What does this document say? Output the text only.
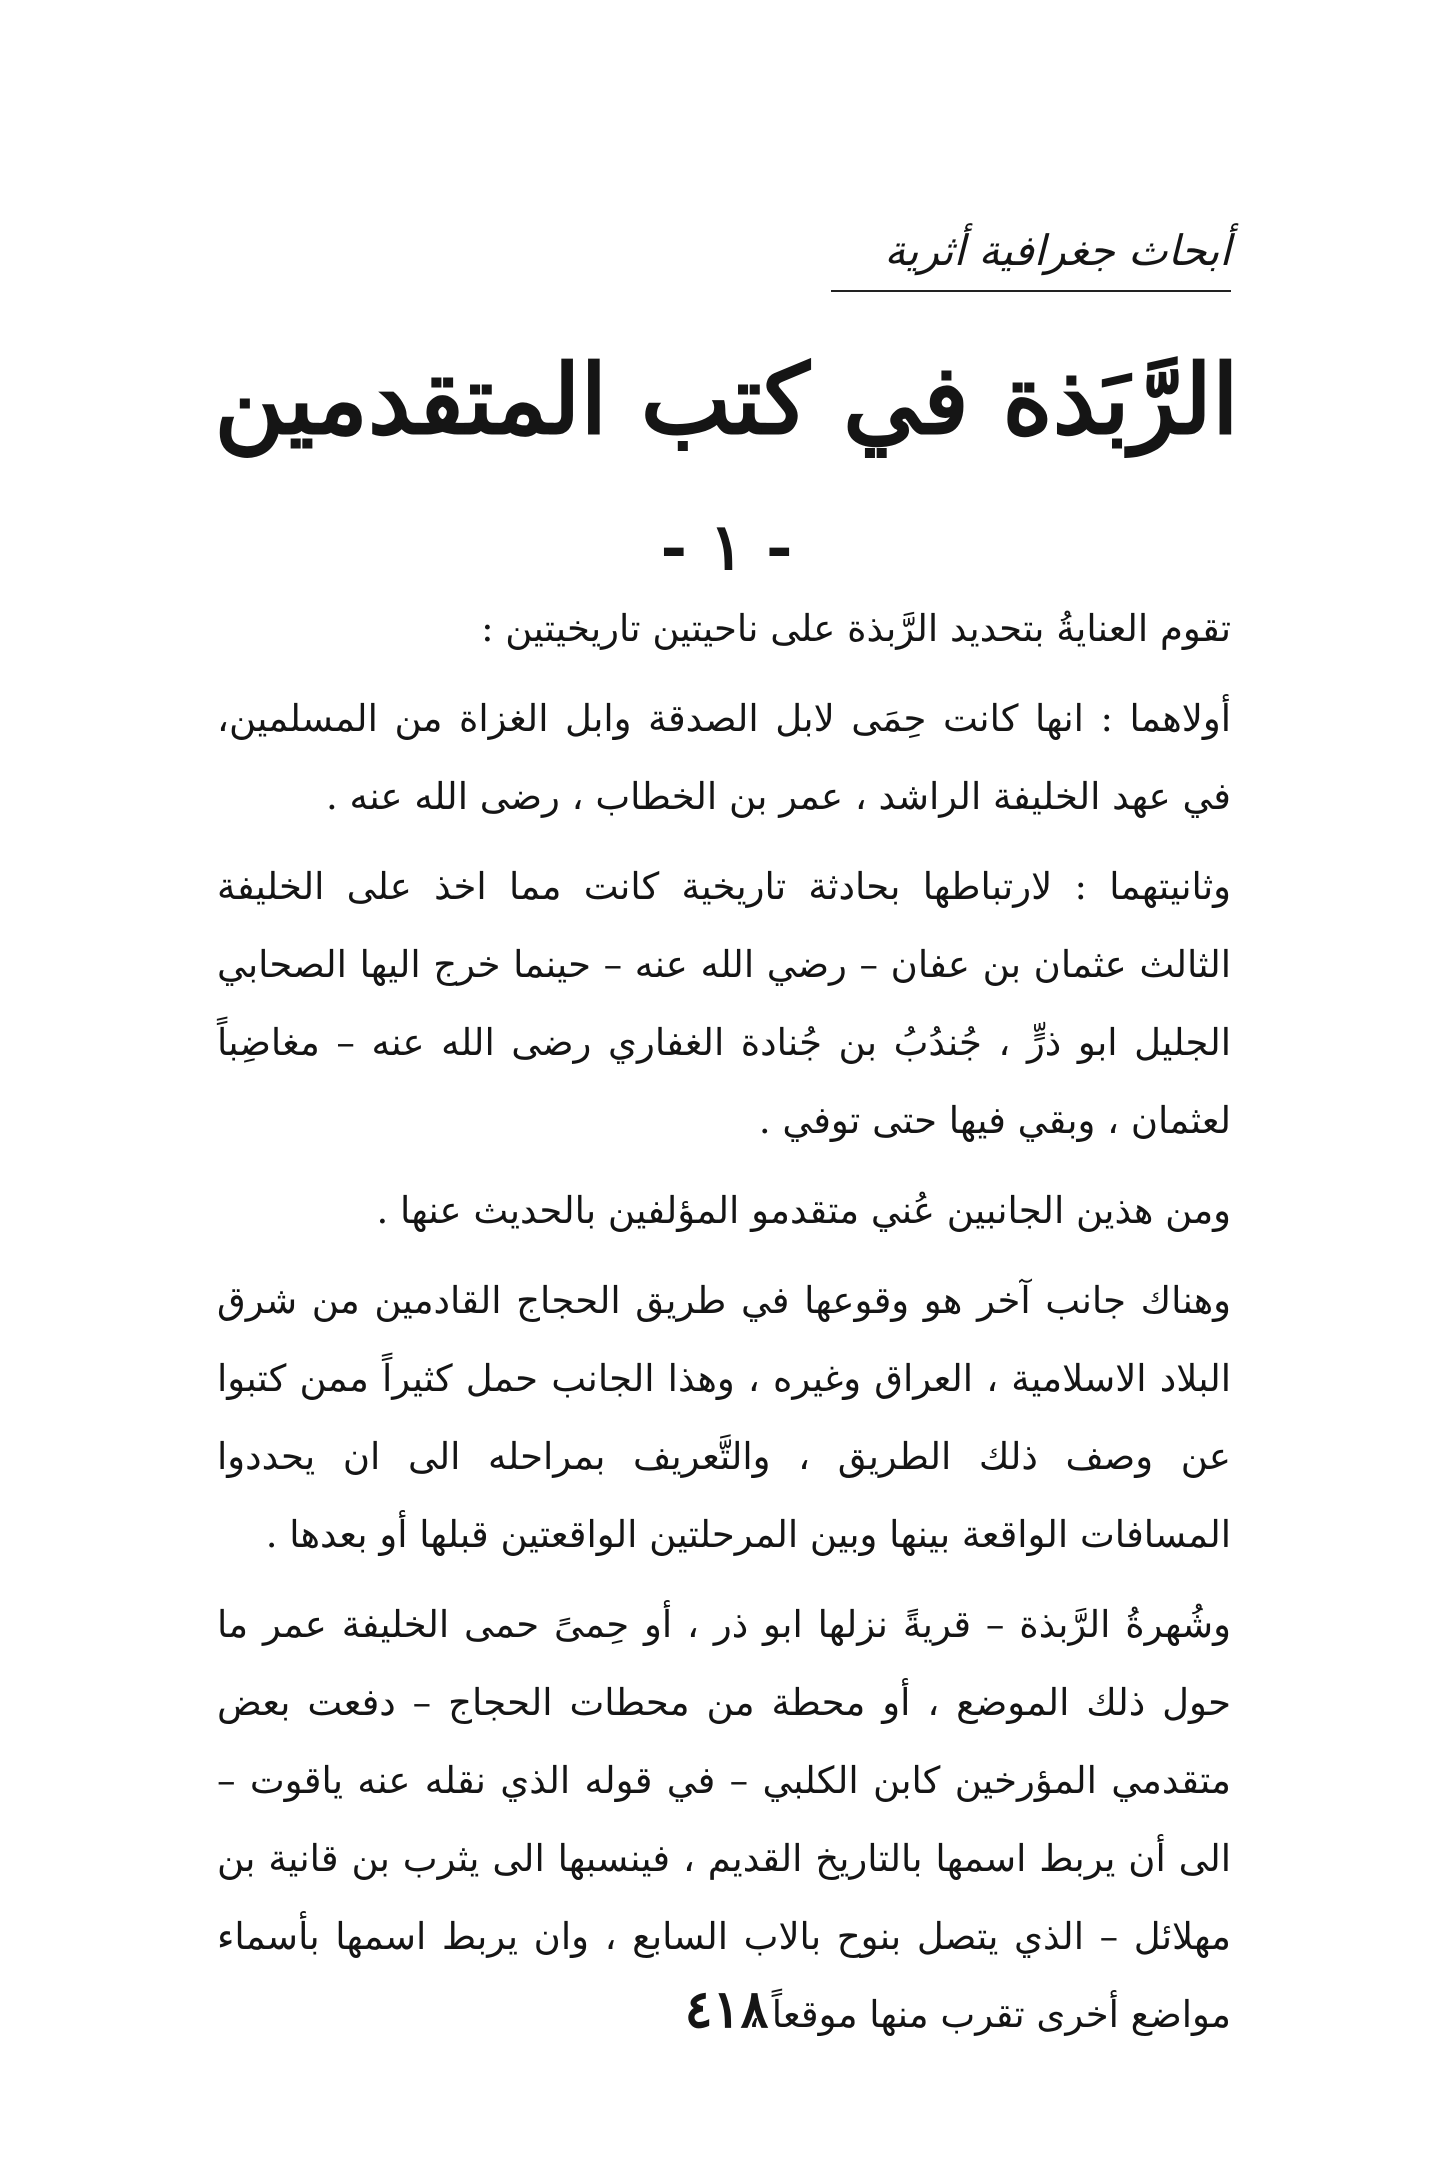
أبحاث جغرافية أثرية
الرَّبَذة في كتب المتقدمين
- ١ -

تقوم العنايةُ بتحديد الرَّبذة على ناحيتين تاريخيتين :

أولاهما : انها كانت حِمَى لابل الصدقة وابل الغزاة من المسلمين، في عهد الخليفة الراشد ، عمر بن الخطاب ، رضى الله عنه .

وثانيتهما : لارتباطها بحادثة تاريخية كانت مما اخذ على الخليفة الثالث عثمان بن عفان – رضي الله عنه – حينما خرج اليها الصحابي الجليل ابو ذرٍّ ، جُندُبُ بن جُنادة الغفاري رضى الله عنه – مغاضِباً لعثمان ، وبقي فيها حتى توفي .

ومن هذين الجانبين عُني متقدمو المؤلفين بالحديث عنها .

وهناك جانب آخر هو وقوعها في طريق الحجاج القادمين من شرق البلاد الاسلامية ، العراق وغيره ، وهذا الجانب حمل كثيراً ممن كتبوا عن وصف ذلك الطريق ، والتَّعريف بمراحله الى ان يحددوا المسافات الواقعة بينها وبين المرحلتين الواقعتين قبلها أو بعدها .

وشُهرةُ الرَّبذة – قريةً نزلها ابو ذر ، أو حِمىً حمى الخليفة عمر ما حول ذلك الموضع ، أو محطة من محطات الحجاج – دفعت بعض متقدمي المؤرخين كابن الكلبي – في قوله الذي نقله عنه ياقوت – الى أن يربط اسمها بالتاريخ القديم ، فينسبها الى يثرب بن قانية بن مهلائل – الذي يتصل بنوح بالاب السابع ، وان يربط اسمها بأسماء مواضع أخرى تقرب منها موقعاً ،

٤١٨
